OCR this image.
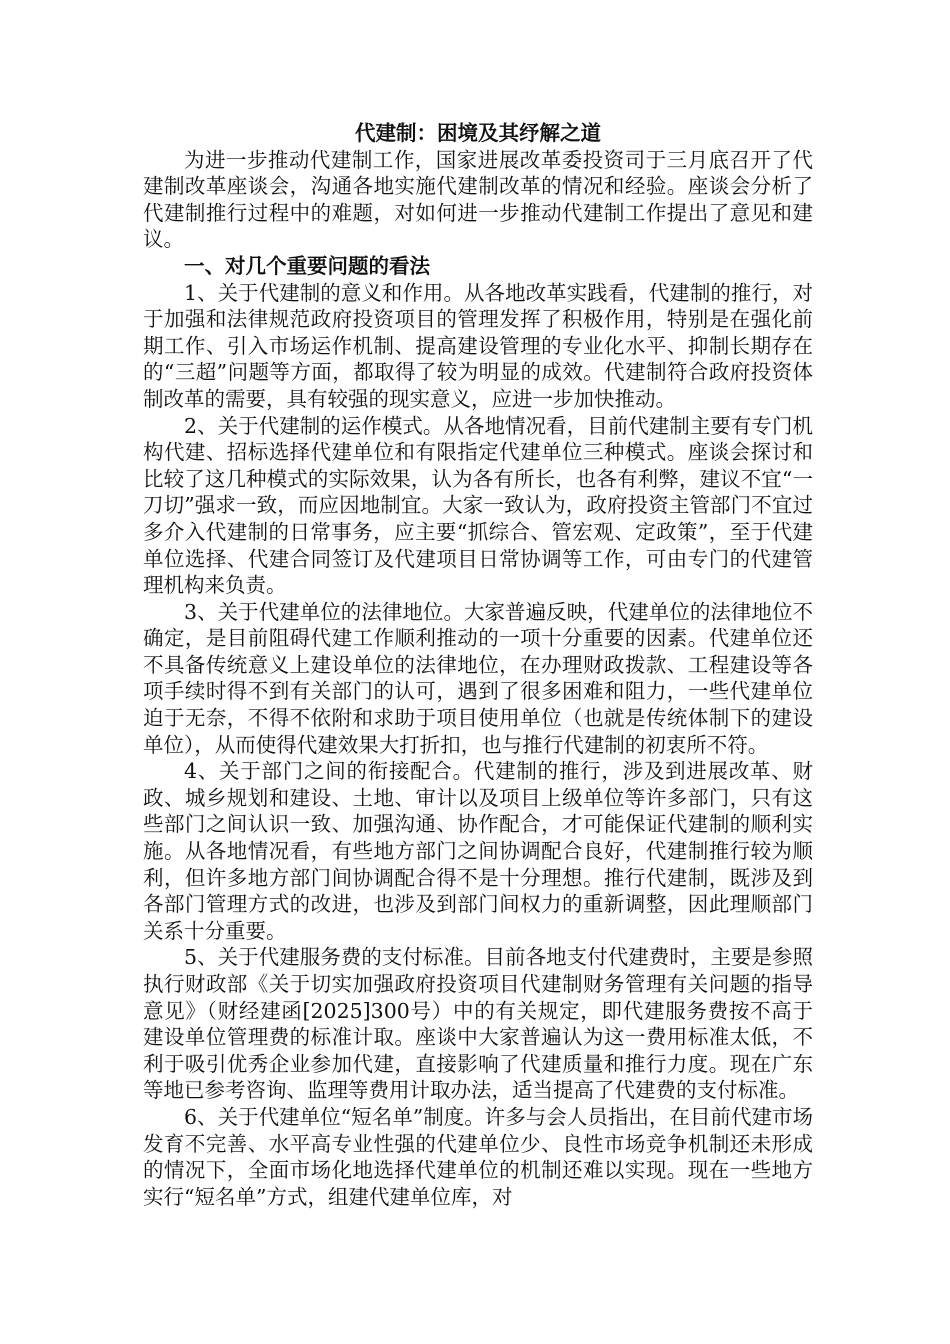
代建制：困境及其纾解之道

为进一步推动代建制工作，国家进展改革委投资司于三月底召开了代建制改革座谈会，沟通各地实施代建制改革的情况和经验。座谈会分析了代建制推行过程中的难题，对如何进一步推动代建制工作提出了意见和建议。

一、对几个重要问题的看法

1、关于代建制的意义和作用。从各地改革实践看，代建制的推行，对于加强和法律规范政府投资项目的管理发挥了积极作用，特别是在强化前期工作、引入市场运作机制、提高建设管理的专业化水平、抑制长期存在的“三超”问题等方面，都取得了较为明显的成效。代建制符合政府投资体制改革的需要，具有较强的现实意义，应进一步加快推动。

2、关于代建制的运作模式。从各地情况看，目前代建制主要有专门机构代建、招标选择代建单位和有限指定代建单位三种模式。座谈会探讨和比较了这几种模式的实际效果，认为各有所长，也各有利弊，建议不宜“一刀切”强求一致，而应因地制宜。大家一致认为，政府投资主管部门不宜过多介入代建制的日常事务，应主要“抓综合、管宏观、定政策”，至于代建单位选择、代建合同签订及代建项目日常协调等工作，可由专门的代建管理机构来负责。

3、关于代建单位的法律地位。大家普遍反映，代建单位的法律地位不确定，是目前阻碍代建工作顺利推动的一项十分重要的因素。代建单位还不具备传统意义上建设单位的法律地位，在办理财政拨款、工程建设等各项手续时得不到有关部门的认可，遇到了很多困难和阻力，一些代建单位迫于无奈，不得不依附和求助于项目使用单位（也就是传统体制下的建设单位），从而使得代建效果大打折扣，也与推行代建制的初衷所不符。

4、关于部门之间的衔接配合。代建制的推行，涉及到进展改革、财政、城乡规划和建设、土地、审计以及项目上级单位等许多部门，只有这些部门之间认识一致、加强沟通、协作配合，才可能保证代建制的顺利实施。从各地情况看，有些地方部门之间协调配合良好，代建制推行较为顺利，但许多地方部门间协调配合得不是十分理想。推行代建制，既涉及到各部门管理方式的改进，也涉及到部门间权力的重新调整，因此理顺部门关系十分重要。

5、关于代建服务费的支付标准。目前各地支付代建费时，主要是参照执行财政部《关于切实加强政府投资项目代建制财务管理有关问题的指导意见》（财经建函[2025]300号）中的有关规定，即代建服务费按不高于建设单位管理费的标准计取。座谈中大家普遍认为这一费用标准太低，不利于吸引优秀企业参加代建，直接影响了代建质量和推行力度。现在广东等地已参考咨询、监理等费用计取办法，适当提高了代建费的支付标准。

6、关于代建单位“短名单”制度。许多与会人员指出，在目前代建市场发育不完善、水平高专业性强的代建单位少、良性市场竞争机制还未形成的情况下，全面市场化地选择代建单位的机制还难以实现。现在一些地方实行“短名单”方式，组建代建单位库，对
